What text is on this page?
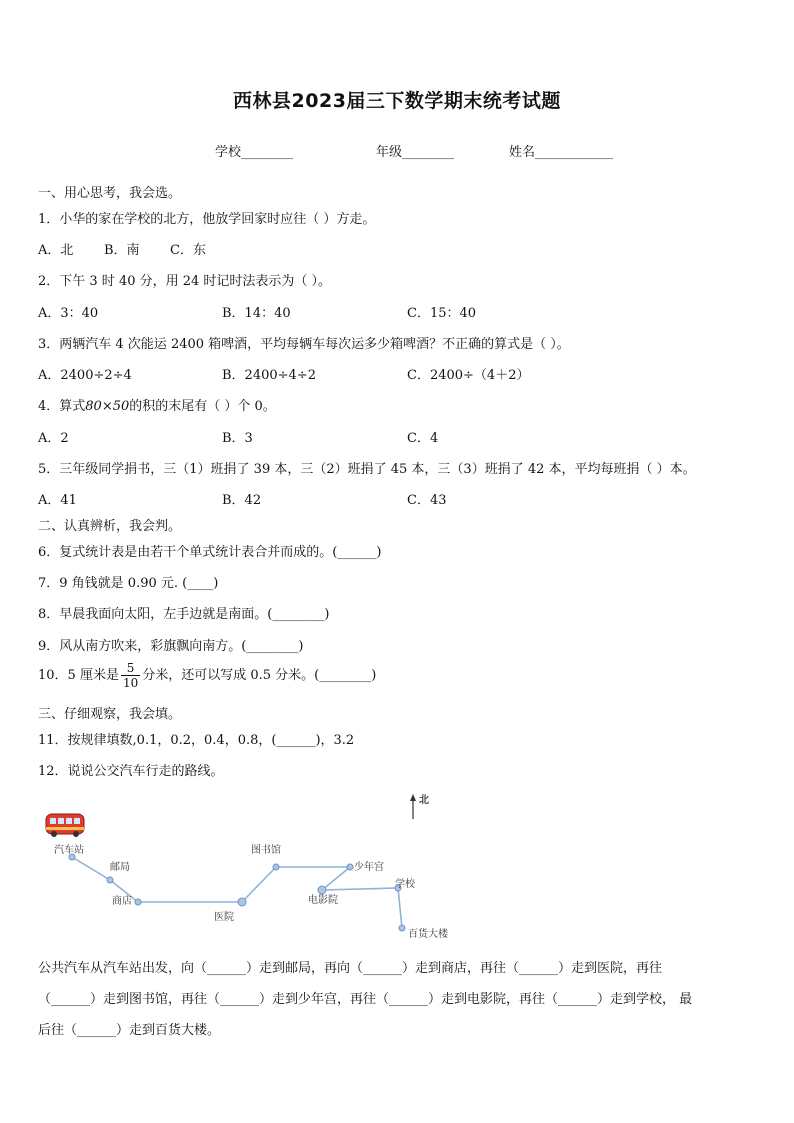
西林县2023届三下数学期末统考试题
学校________	年级________	姓名____________
一、用心思考，我会选。
1．小华的家在学校的北方，他放学回家时应往（ ）方走。
A．北 B．南 C．东
2．下午 3 时 40 分，用 24 时记时法表示为（ ）。
A．3：40	B．14：40	C．15：40
3．两辆汽车 4 次能运 2400 箱啤酒，平均每辆车每次运多少箱啤酒？不正确的算式是（ ）。
A．2400÷2÷4	B．2400÷4÷2	C．2400÷（4＋2）
4．算式80×50的积的末尾有（ ）个 0。
A．2	B．3	C．4
5．三年级同学捐书，三（1）班捐了 39 本，三（2）班捐了 45 本，三（3）班捐了 42 本，平均每班捐（ ）本。
A．41	B．42	C．43
二、认真辨析，我会判。
6．复式统计表是由若干个单式统计表合并而成的。(______)
7．9 角钱就是 0.90 元. (____)
8．早晨我面向太阳，左手边就是南面。(________)
9．风从南方吹来，彩旗飘向南方。(________)
10．5 厘米是 $\frac{5}{10}$ 分米，还可以写成 0.5 分米。(________)
三、仔细观察，我会填。
11．按规律填数,0.1，0.2，0.4，0.8，(______)，3.2
12．说说公交汽车行走的路线。
北
汽车站
邮局
商店
医院
图书馆
少年宫
电影院
学校
百货大楼
公共汽车从汽车站出发，向（______）走到邮局，再向（______）走到商店，再往（______）走到医院，再往
（______）走到图书馆，再往（______）走到少年宫，再往（______）走到电影院，再往（______）走到学校， 最
后往（______）走到百货大楼。
